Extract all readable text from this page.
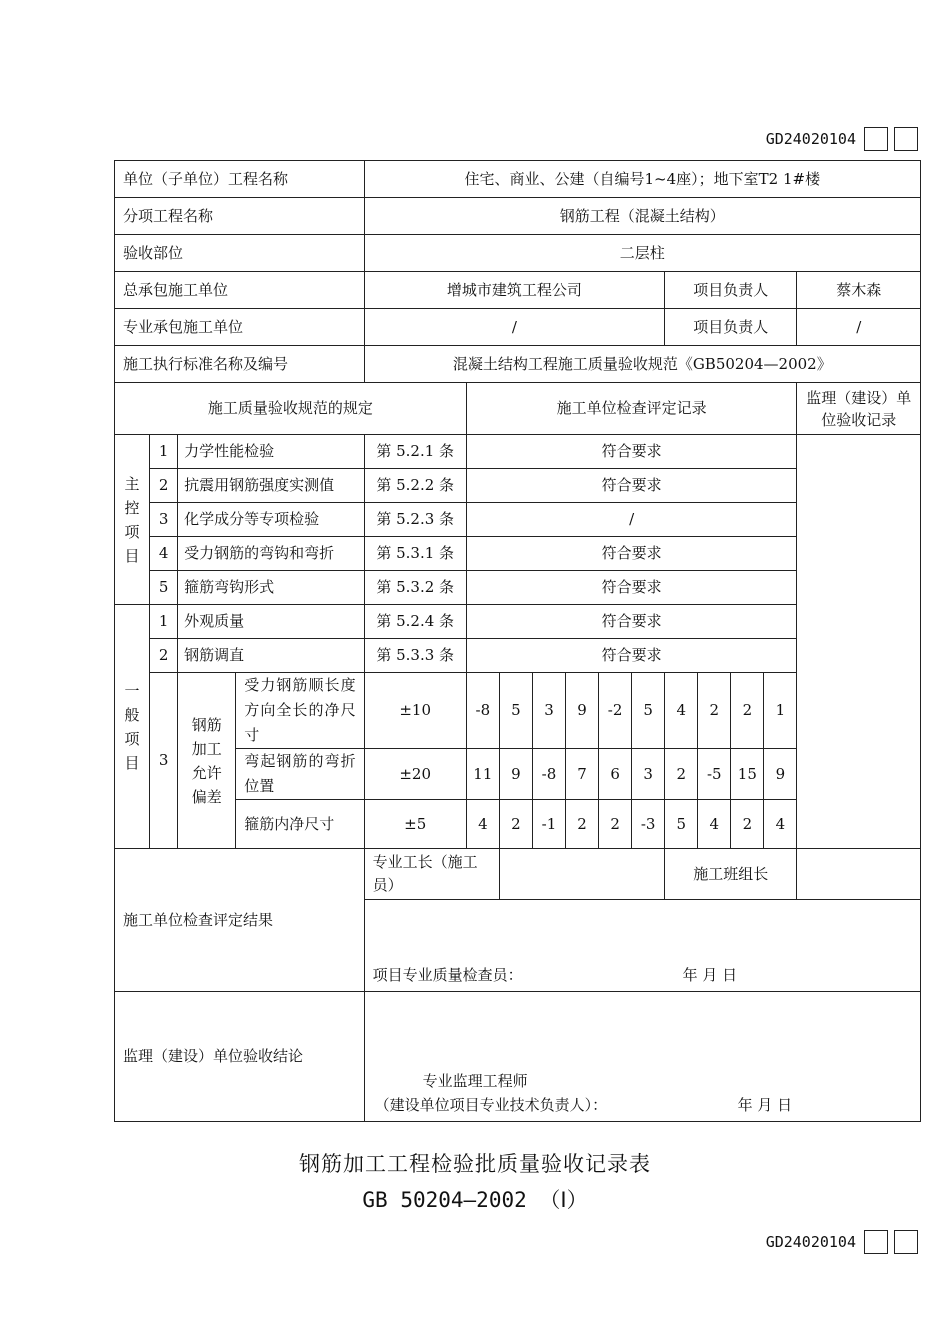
GD24020104
单位（子单位）工程名称				住宅、商业、公建（自编号1~4座）；地下室T2 1#楼											
分项工程名称				钢筋工程（混凝土结构）											
验收部位				二层柱											
总承包施工单位				增城市建筑工程公司							项目负责人				蔡木森
专业承包施工单位				/							项目负责人				/
施工执行标准名称及编号				混凝土结构工程施工质量验收规范《GB50204—2002》											
施工质量验收规范的规定					施工单位检查评定记录										监理（建设）单位验收记录
主控项目	1	力学性能检验		第 5.2.1 条	符合要求										
	2	抗震用钢筋强度实测值		第 5.2.2 条	符合要求										
	3	化学成分等专项检验		第 5.2.3 条	/										
	4	受力钢筋的弯钩和弯折		第 5.3.1 条	符合要求										
	5	箍筋弯钩形式		第 5.3.2 条	符合要求										
一般项目	1	外观质量		第 5.2.4 条	符合要求										
	2	钢筋调直		第 5.3.3 条	符合要求										
	3	钢筋加工允许偏差	受力钢筋顺长度方向全长的净尺寸	±10	-8	5	3	9	-2	5	4	2	2	1	
			弯起钢筋的弯折位置	±20	11	9	-8	7	6	3	2	-5	15	9	
			箍筋内净尺寸	±5	4	2	-1	2	2	-3	5	4	2	4	
施工单位检查评定结果				专业工长（施工员）							施工班组长				

				项目专业质量检查员： 年 月 日											

监理（建设）单位验收结论				专业监理工程师
（建设单位项目专业技术负责人）： 年 月 日											
钢筋加工工程检验批质量验收记录表
GB 50204—2002 （Ⅰ）
GD24020104
